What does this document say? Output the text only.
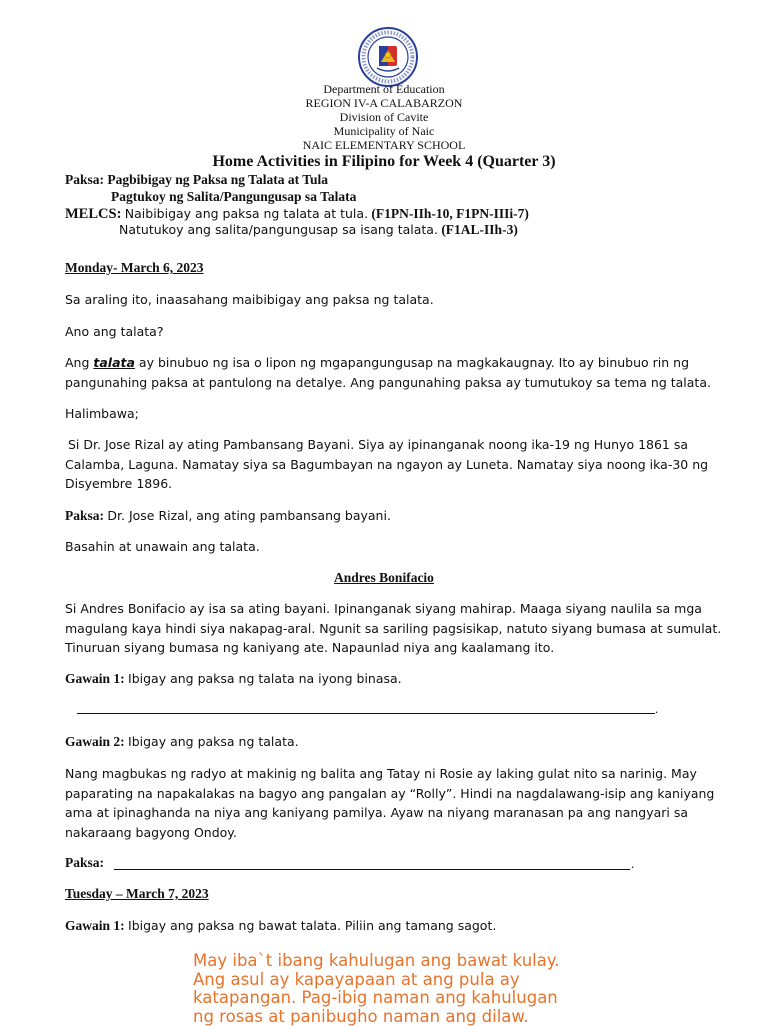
Department of Education
REGION IV-A CALABARZON
Division of Cavite
Municipality of Naic
NAIC ELEMENTARY SCHOOL
Home Activities in Filipino for Week 4 (Quarter 3)
Paksa: Pagbibigay ng Paksa ng Talata at Tula
Pagtukoy ng Salita/Pangungusap sa Talata
MELCS: Naibibigay ang paksa ng talata at tula. (F1PN-IIh-10, F1PN-IIIi-7)
Natutukoy ang salita/pangungusap sa isang talata. (F1AL-IIh-3)
Monday- March 6, 2023
Sa araling ito, inaasahang maibibigay ang paksa ng talata.
Ano ang talata?
Ang talata ay binubuo ng isa o lipon ng mgapangungusap na magkakaugnay. Ito ay binubuo rin ng
pangunahing paksa at pantulong na detalye. Ang pangunahing paksa ay tumutukoy sa tema ng talata.
Halimbawa;
Si Dr. Jose Rizal ay ating Pambansang Bayani. Siya ay ipinanganak noong ika-19 ng Hunyo 1861 sa
Calamba, Laguna. Namatay siya sa Bagumbayan na ngayon ay Luneta. Namatay siya noong ika-30 ng
Disyembre 1896.
Paksa: Dr. Jose Rizal, ang ating pambansang bayani.
Basahin at unawain ang talata.
Andres Bonifacio
Si Andres Bonifacio ay isa sa ating bayani. Ipinanganak siyang mahirap. Maaga siyang naulila sa mga
magulang kaya hindi siya nakapag-aral. Ngunit sa sariling pagsisikap, natuto siyang bumasa at sumulat.
Tinuruan siyang bumasa ng kaniyang ate. Napaunlad niya ang kaalamang ito.
Gawain 1: Ibigay ang paksa ng talata na iyong binasa.
.
Gawain 2: Ibigay ang paksa ng talata.
Nang magbukas ng radyo at makinig ng balita ang Tatay ni Rosie ay laking gulat nito sa narinig. May
paparating na napakalakas na bagyo ang pangalan ay “Rolly”. Hindi na nagdalawang-isip ang kaniyang
ama at ipinaghanda na niya ang kaniyang pamilya. Ayaw na niyang maranasan pa ang nangyari sa
nakaraang bagyong Ondoy.
Paksa:	.
Tuesday – March 7, 2023
Gawain 1: Ibigay ang paksa ng bawat talata. Piliin ang tamang sagot.
May iba`t ibang kahulugan ang bawat kulay.
Ang asul ay kapayapaan at ang pula ay
katapangan. Pag-ibig naman ang kahulugan
ng rosas at panibugho naman ang dilaw.
